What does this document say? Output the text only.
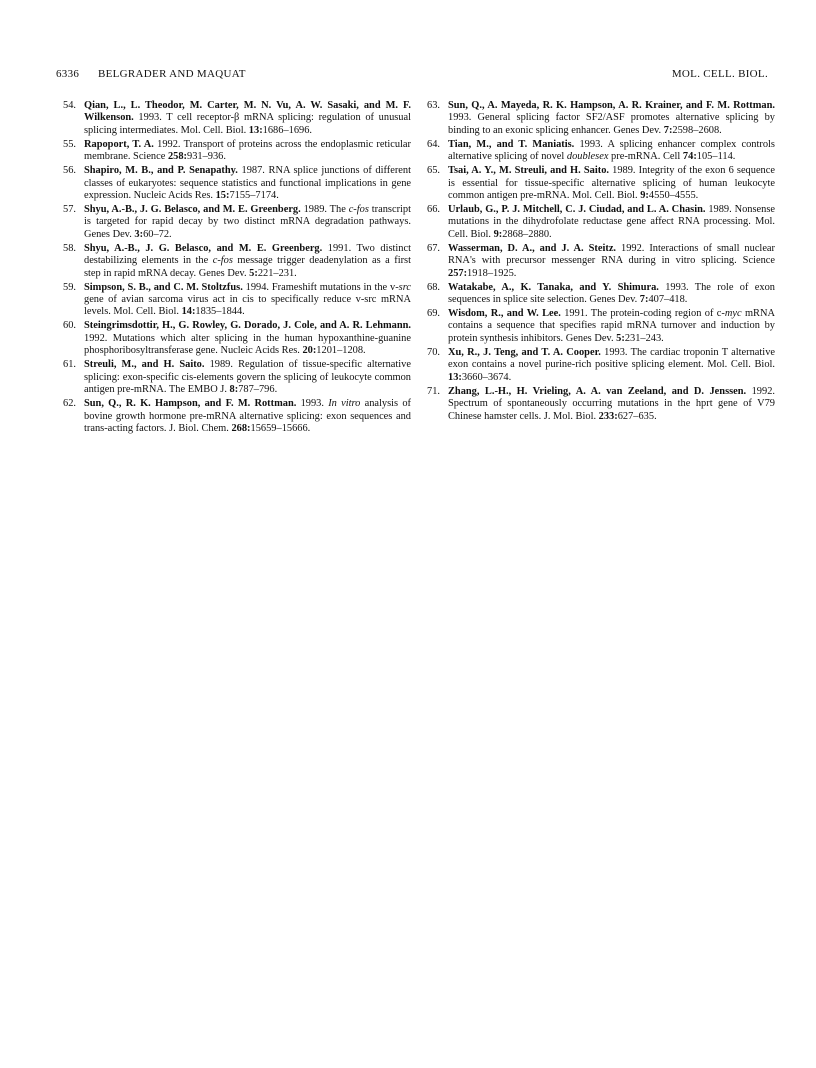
6336 BELGRADER AND MAQUAT	MOL. CELL. BIOL.
54. Qian, L., L. Theodor, M. Carter, M. N. Vu, A. W. Sasaki, and M. F. Wilkenson. 1993. T cell receptor-β mRNA splicing: regulation of unusual splicing intermediates. Mol. Cell. Biol. 13:1686–1696.
55. Rapoport, T. A. 1992. Transport of proteins across the endoplasmic reticular membrane. Science 258:931–936.
56. Shapiro, M. B., and P. Senapathy. 1987. RNA splice junctions of different classes of eukaryotes: sequence statistics and functional implications in gene expression. Nucleic Acids Res. 15:7155–7174.
57. Shyu, A.-B., J. G. Belasco, and M. E. Greenberg. 1989. The c-fos transcript is targeted for rapid decay by two distinct mRNA degradation pathways. Genes Dev. 3:60–72.
58. Shyu, A.-B., J. G. Belasco, and M. E. Greenberg. 1991. Two distinct destabilizing elements in the c-fos message trigger deadenylation as a first step in rapid mRNA decay. Genes Dev. 5:221–231.
59. Simpson, S. B., and C. M. Stoltzfus. 1994. Frameshift mutations in the v-src gene of avian sarcoma virus act in cis to specifically reduce v-src mRNA levels. Mol. Cell. Biol. 14:1835–1844.
60. Steingrimsdottir, H., G. Rowley, G. Dorado, J. Cole, and A. R. Lehmann. 1992. Mutations which alter splicing in the human hypoxanthine-guanine phosphoribosyltransferase gene. Nucleic Acids Res. 20:1201–1208.
61. Streuli, M., and H. Saito. 1989. Regulation of tissue-specific alternative splicing: exon-specific cis-elements govern the splicing of leukocyte common antigen pre-mRNA. The EMBO J. 8:787–796.
62. Sun, Q., R. K. Hampson, and F. M. Rottman. 1993. In vitro analysis of bovine growth hormone pre-mRNA alternative splicing: exon sequences and trans-acting factors. J. Biol. Chem. 268:15659–15666.
63. Sun, Q., A. Mayeda, R. K. Hampson, A. R. Krainer, and F. M. Rottman. 1993. General splicing factor SF2/ASF promotes alternative splicing by binding to an exonic splicing enhancer. Genes Dev. 7:2598–2608.
64. Tian, M., and T. Maniatis. 1993. A splicing enhancer complex controls alternative splicing of novel doublesex pre-mRNA. Cell 74:105–114.
65. Tsai, A. Y., M. Streuli, and H. Saito. 1989. Integrity of the exon 6 sequence is essential for tissue-specific alternative splicing of human leukocyte common antigen pre-mRNA. Mol. Cell. Biol. 9:4550–4555.
66. Urlaub, G., P. J. Mitchell, C. J. Ciudad, and L. A. Chasin. 1989. Nonsense mutations in the dihydrofolate reductase gene affect RNA processing. Mol. Cell. Biol. 9:2868–2880.
67. Wasserman, D. A., and J. A. Steitz. 1992. Interactions of small nuclear RNA's with precursor messenger RNA during in vitro splicing. Science 257:1918–1925.
68. Watakabe, A., K. Tanaka, and Y. Shimura. 1993. The role of exon sequences in splice site selection. Genes Dev. 7:407–418.
69. Wisdom, R., and W. Lee. 1991. The protein-coding region of c-myc mRNA contains a sequence that specifies rapid mRNA turnover and induction by protein synthesis inhibitors. Genes Dev. 5:231–243.
70. Xu, R., J. Teng, and T. A. Cooper. 1993. The cardiac troponin T alternative exon contains a novel purine-rich positive splicing element. Mol. Cell. Biol. 13:3660–3674.
71. Zhang, L.-H., H. Vrieling, A. A. van Zeeland, and D. Jenssen. 1992. Spectrum of spontaneously occurring mutations in the hprt gene of V79 Chinese hamster cells. J. Mol. Biol. 233:627–635.
